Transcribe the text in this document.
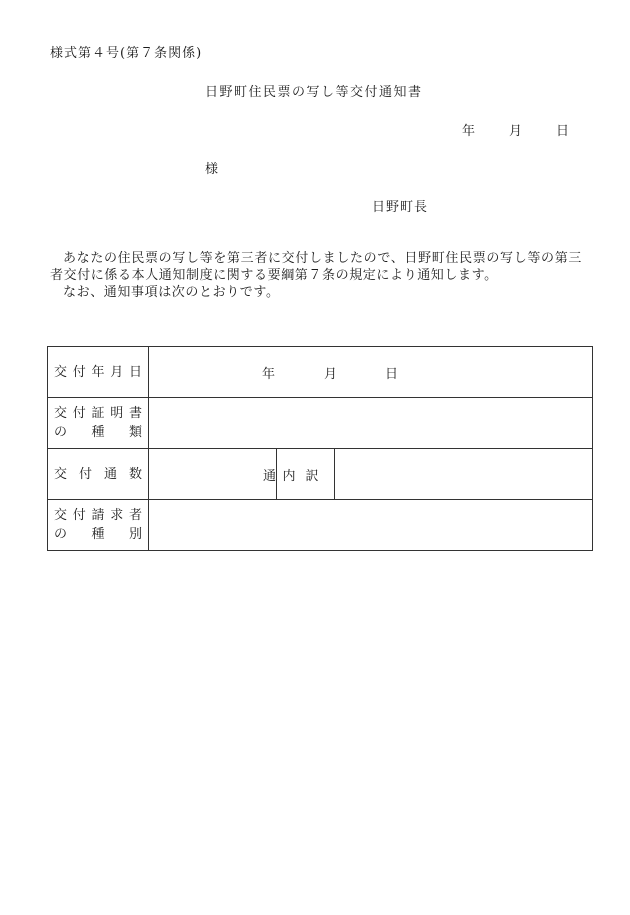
様式第４号(第７条関係)
日野町住民票の写し等交付通知書
年	月	日
様
日野町長

あなたの住民票の写し等を第三者に交付しましたので、日野町住民票の写し等の第三者交付に係る本人通知制度に関する要綱第７条の規定により通知します。

なお、通知事項は次のとおりです。

交付年月日	年 月 日		

交付証明書
の種類			

交付通数	通	内訳	

交付請求者
の種別			
